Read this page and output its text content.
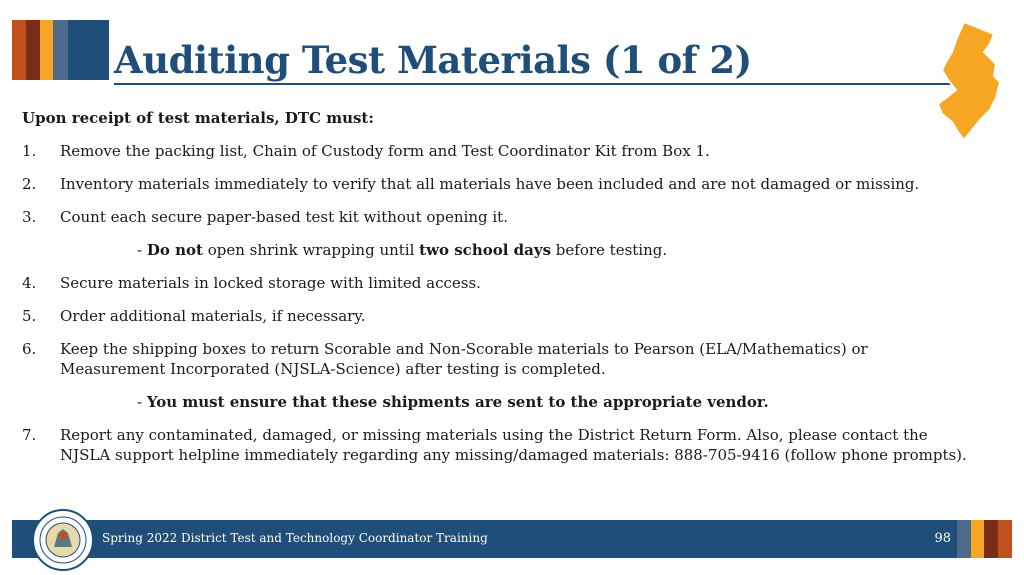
Auditing Test Materials (1 of 2)
Upon receipt of test materials, DTC must:
1.	Remove the packing list, Chain of Custody form and Test Coordinator Kit from Box 1.
2.	Inventory materials immediately to verify that all materials have been included and are not damaged or missing.
3.	Count each secure paper-based test kit without opening it.
- Do not open shrink wrapping until two school days before testing.
4.	Secure materials in locked storage with limited access.
5.	Order additional materials, if necessary.
6.	Keep the shipping boxes to return Scorable and Non-Scorable materials to Pearson (ELA/Mathematics) or Measurement Incorporated (NJSLA-Science) after testing is completed.
- You must ensure that these shipments are sent to the appropriate vendor.
7.	Report any contaminated, damaged, or missing materials using the District Return Form. Also, please contact the NJSLA support helpline immediately regarding any missing/damaged materials: 888-705-9416 (follow phone prompts).
Spring 2022 District Test and Technology Coordinator Training	98
